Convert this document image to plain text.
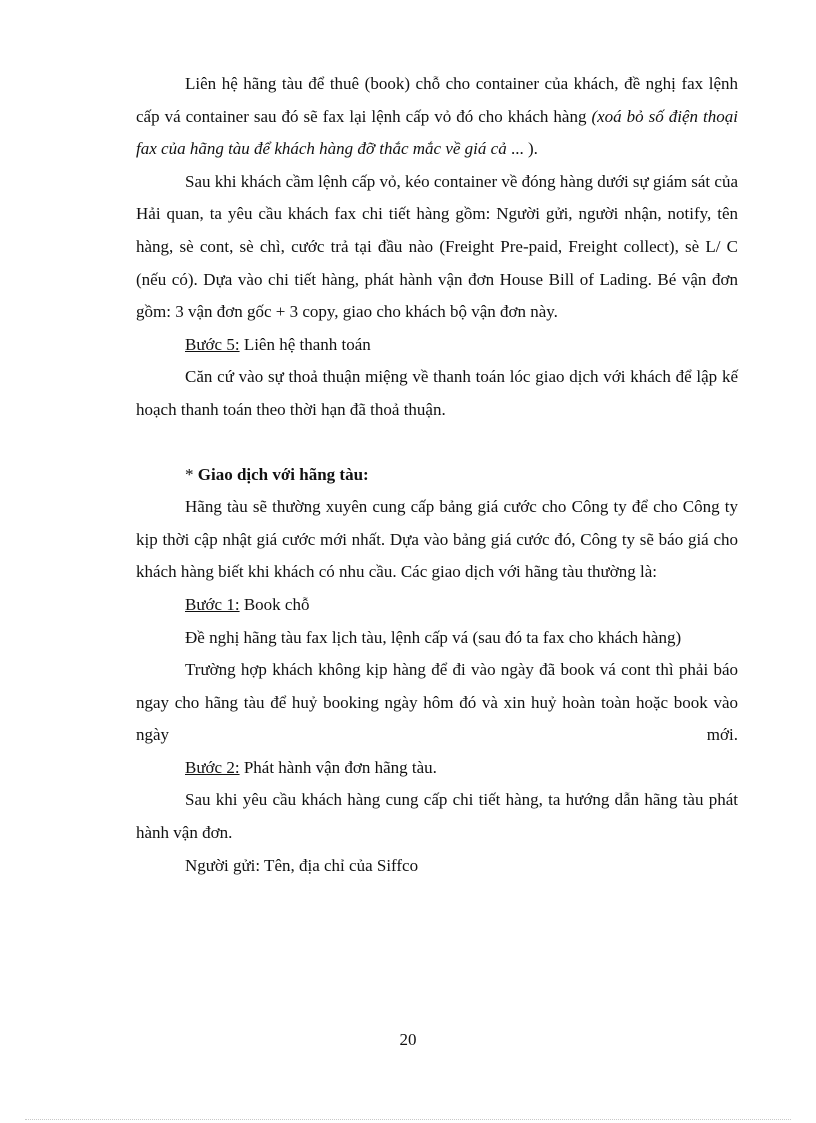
Liên hệ hãng tàu để thuê (book) chỗ cho container của khách, đề nghị fax lệnh cấp vá container sau đó sẽ fax lại lệnh cấp vỏ đó cho khách hàng (xoá bỏ số điện thoại fax của hãng tàu để khách hàng đỡ thắc mắc về giá cả ... ).

Sau khi khách cầm lệnh cấp vỏ, kéo container về đóng hàng dưới sự giám sát của Hải quan, ta yêu cầu khách fax chi tiết hàng gồm: Người gửi, người nhận, notify, tên hàng, sè cont, sè chì, cước trả tại đầu nào (Freight Pre-paid, Freight collect), sè L/ C (nếu có). Dựa vào chi tiết hàng, phát hành vận đơn House Bill of Lading. Bé vận đơn gồm: 3 vận đơn gốc + 3 copy, giao cho khách bộ vận đơn này.

Bước 5: Liên hệ thanh toán

Căn cứ vào sự thoả thuận miệng về thanh toán lóc giao dịch với khách để lập kế hoạch thanh toán theo thời hạn đã thoả thuận.

* Giao dịch với hãng tàu:

Hãng tàu sẽ thường xuyên cung cấp bảng giá cước cho Công ty để cho Công ty kịp thời cập nhật giá cước mới nhất. Dựa vào bảng giá cước đó, Công ty sẽ báo giá cho khách hàng biết khi khách có nhu cầu. Các giao dịch với hãng tàu thường là:

Bước 1: Book chỗ

Đề nghị hãng tàu fax lịch tàu, lệnh cấp vá (sau đó ta fax cho khách hàng)

Trường hợp khách không kịp hàng để đi vào ngày đã book vá cont thì phải báo ngay cho hãng tàu để huỷ booking ngày hôm đó và xin huỷ hoàn toàn hoặc book vào ngày mới.

Bước 2: Phát hành vận đơn hãng tàu.

Sau khi yêu cầu khách hàng cung cấp chi tiết hàng, ta hướng dẫn hãng tàu phát hành vận đơn.

Người gửi: Tên, địa chỉ của Siffco

20
